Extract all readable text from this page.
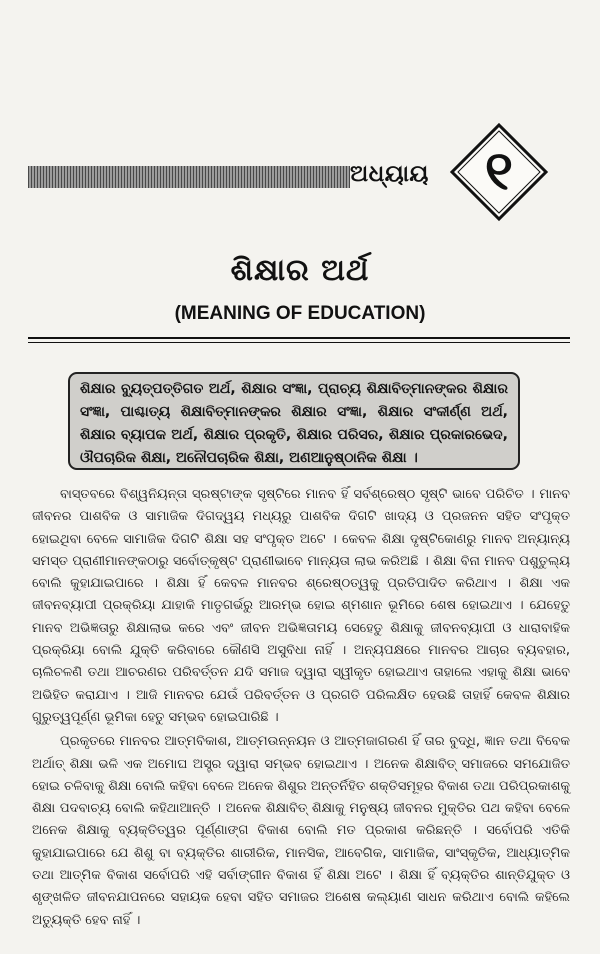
ଅଧ୍ୟାୟ	୧
ଶିକ୍ଷାର ଅର୍ଥ
(MEANING OF EDUCATION)
ଶିକ୍ଷାର ବ୍ୟୁତ୍ପତ୍ତିଗତ ଅର୍ଥ, ଶିକ୍ଷାର ସଂଜ୍ଞା, ପ୍ରାଚ୍ୟ ଶିକ୍ଷାବିତ୍‌ମାନଙ୍କର ଶିକ୍ଷାର ସଂଜ୍ଞା, ପାଶ୍ଚାତ୍ୟ ଶିକ୍ଷାବିତ୍‌ମାନଙ୍କର ଶିକ୍ଷାର ସଂଜ୍ଞା, ଶିକ୍ଷାର ସଂକୀର୍ଣ୍ଣ ଅର୍ଥ, ଶିକ୍ଷାର ବ୍ୟାପକ ଅର୍ଥ, ଶିକ୍ଷାର ପ୍ରକୃତି, ଶିକ୍ଷାର ପରିସର, ଶିକ୍ଷାର ପ୍ରକାରଭେଦ, ଔପଚାରିକ ଶିକ୍ଷା, ଅନୌପଚାରିକ ଶିକ୍ଷା, ଅଣଆନୁଷ୍ଠାନିକ ଶିକ୍ଷା ।

ବାସ୍ତବରେ ବିଶ୍ୱନିୟନ୍ତା ସ୍ରଷ୍ଟାଙ୍କ ସୃଷ୍ଟିରେ ମାନବ ହିଁ ସର୍ବଶ୍ରେଷ୍ଠ ସୃଷ୍ଟି ଭାବେ ପରିଚିତ । ମାନବ ଜୀବନର ପାଶବିକ ଓ ସାମାଜିକ ଦିଗଦ୍ୱୟ ମଧ୍ୟରୁ ପାଶବିକ ଦିଗଟି ଖାଦ୍ୟ ଓ ପ୍ରଜନନ ସହିତ ସଂପୃକ୍ତ ହୋଇଥିବା ବେଳେ ସାମାଜିକ ଦିଗଟି ଶିକ୍ଷା ସହ ସଂପୃକ୍ତ ଅଟେ । କେବଳ ଶିକ୍ଷା ଦୃଷ୍ଟିକୋଣରୁ ମାନବ ଅନ୍ୟାନ୍ୟ ସମସ୍ତ ପ୍ରାଣୀମାନଙ୍କଠାରୁ ସର୍ବୋତ୍କୃଷ୍ଟ ପ୍ରାଣୀଭାବେ ମାନ୍ୟତା ଲାଭ କରିଅଛି । ଶିକ୍ଷା ବିନା ମାନବ ପଶୁତୁଲ୍ୟ ବୋଲି କୁହାଯାଇପାରେ । ଶିକ୍ଷା ହିଁ କେବଳ ମାନବର ଶ୍ରେଷ୍ଠତ୍ୱକୁ ପ୍ରତିପାଦିତ କରିଥାଏ । ଶିକ୍ଷା ଏକ ଜୀବନବ୍ୟାପୀ ପ୍ରକ୍ରିୟା ଯାହାକି ମାତୃଗର୍ଭରୁ ଆରମ୍ଭ ହୋଇ ଶ୍ମଶାନ ଭୂମିରେ ଶେଷ ହୋଇଥାଏ । ଯେହେତୁ ମାନବ ଅଭିଜ୍ଞତାରୁ ଶିକ୍ଷାଲାଭ କରେ ଏବଂ ଜୀବନ ଅଭିଜ୍ଞତାମୟ ସେହେତୁ ଶିକ୍ଷାକୁ ଜୀବନବ୍ୟାପୀ ଓ ଧାରାବାହିକ ପ୍ରକ୍ରିୟା ବୋଲି ଯୁକ୍ତି କରିବାରେ କୌଣସି ଅସୁବିଧା ନାହିଁ । ଅନ୍ୟପକ୍ଷରେ ମାନବର ଆଚାର ବ୍ୟବହାର, ଚାଲିଚଳଣି ତଥା ଆଚରଣର ପରିବର୍ତ୍ତନ ଯଦି ସମାଜ ଦ୍ୱାରା ସ୍ୱୀକୃତ ହୋଇଥାଏ ତାହାଲେ ଏହାକୁ ଶିକ୍ଷା ଭାବେ ଅଭିହିତ କରାଯାଏ । ଆଜି ମାନବର ଯେଉଁ ପରିବର୍ତ୍ତନ ଓ ପ୍ରଗତି ପରିଲକ୍ଷିତ ହେଉଛି ତାହାହିଁ କେବଳ ଶିକ୍ଷାର ଗୁରୁତ୍ୱପୂର୍ଣ୍ଣ ଭୂମିକା ହେତୁ ସମ୍ଭବ ହୋଇପାରିଛି ।

ପ୍ରକୃତରେ ମାନବର ଆତ୍ମବିକାଶ, ଆତ୍ମଉନ୍ନୟନ ଓ ଆତ୍ମଜାଗରଣ ହିଁ ତାର ବୁଦ୍ଧି, ଜ୍ଞାନ ତଥା ବିବେକ ଅର୍ଥାତ୍‌ ଶିକ୍ଷା ଭଳି ଏକ ଅମୋଘ ଅସ୍ତ୍ର ଦ୍ୱାରା ସମ୍ଭବ ହୋଇଥାଏ । ଅନେକ ଶିକ୍ଷାବିତ୍‌ ସମାଜରେ ସମଯୋଜିତ ହୋଇ ଚଳିବାକୁ ଶିକ୍ଷା ବୋଲି କହିବା ବେଳେ ଅନେକ ଶିଶୁର ଅନ୍ତର୍ନିହିତ ଶକ୍ତିସମୂହର ବିକାଶ ତଥା ପରିପ୍ରକାଶକୁ ଶିକ୍ଷା ପଦବାଚ୍ୟ ବୋଲି କହିଥାଆନ୍ତି । ଅନେକ ଶିକ୍ଷାବିତ୍‌ ଶିକ୍ଷାକୁ ମନୁଷ୍ୟ ଜୀବନର ମୁକ୍ତିର ପଥ କହିବା ବେଳେ ଅନେକ ଶିକ୍ଷାକୁ ବ୍ୟକ୍ତିତ୍ୱର ପୂର୍ଣ୍ଣାଙ୍ଗ ବିକାଶ ବୋଲି ମତ ପ୍ରକାଶ କରିଛନ୍ତି । ସର୍ବୋପରି ଏତିକି କୁହାଯାଇପାରେ ଯେ ଶିଶୁ ବା ବ୍ୟକ୍ତିର ଶାରୀରିକ, ମାନସିକ, ଆବେଗିକ, ସାମାଜିକ, ସାଂସ୍କୃତିକ, ଆଧ୍ୟାତ୍ମିକ ତଥା ଆତ୍ମିକ ବିକାଶ ସର୍ବୋପରି ଏହି ସର୍ବାଙ୍ଗୀନ ବିକାଶ ହିଁ ଶିକ୍ଷା ଅଟେ । ଶିକ୍ଷା ହିଁ ବ୍ୟକ୍ତିର ଶାନ୍ତିଯୁକ୍ତ ଓ ଶୃଙ୍ଖଳିତ ଜୀବନଯାପନରେ ସହାୟକ ହେବା ସହିତ ସମାଜର ଅଶେଷ କଲ୍ୟାଣ ସାଧନ କରିଥାଏ ବୋଲି କହିଲେ ଅତ୍ୟୁକ୍ତି ହେବ ନାହିଁ ।
